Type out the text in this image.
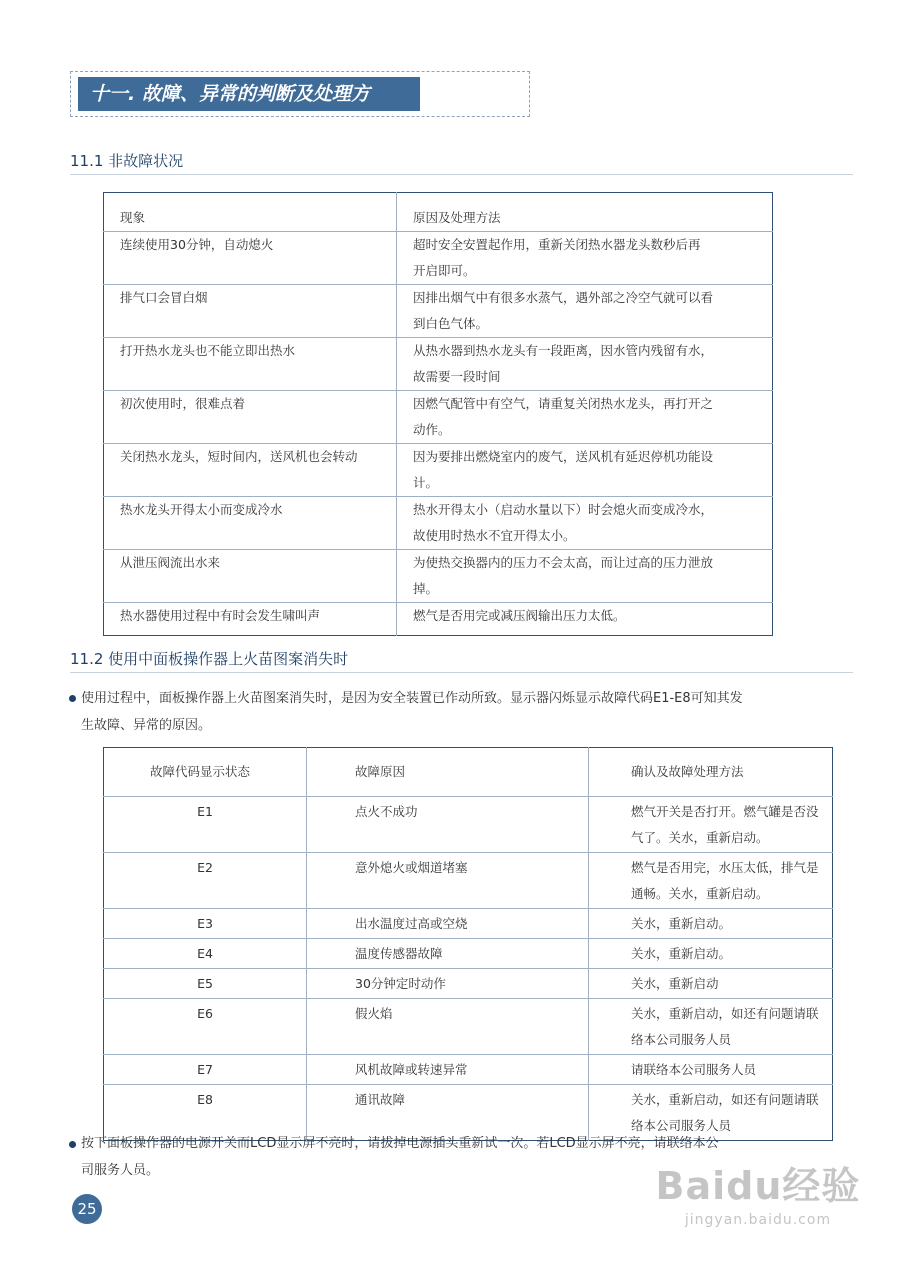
十一. 故障、异常的判断及处理方
11.1 非故障状况
现象	原因及处理方法
连续使用30分钟，自动熄火	超时安全安置起作用，重新关闭热水器龙头数秒后再
开启即可。

排气口会冒白烟	因排出烟气中有很多水蒸气，遇外部之冷空气就可以看
到白色气体。

打开热水龙头也不能立即出热水	从热水器到热水龙头有一段距离，因水管内残留有水，
故需要一段时间

初次使用时，很难点着	因燃气配管中有空气，请重复关闭热水龙头，再打开之
动作。

关闭热水龙头，短时间内，送风机也会转动	因为要排出燃烧室内的废气，送风机有延迟停机功能设
计。

热水龙头开得太小而变成冷水	热水开得太小（启动水量以下）时会熄火而变成冷水，
故使用时热水不宜开得太小。

从泄压阀流出水来	为使热交换器内的压力不会太高，而让过高的压力泄放
掉。

热水器使用过程中有时会发生啸叫声	燃气是否用完或减压阀输出压力太低。
11.2 使用中面板操作器上火苗图案消失时
使用过程中，面板操作器上火苗图案消失时，是因为安全装置已作动所致。显示器闪烁显示故障代码E1-E8可知其发
生故障、异常的原因。
故障代码显示状态	故障原因	确认及故障处理方法
E1	点火不成功	燃气开关是否打开。燃气罐是否没
气了。关水，重新启动。

E2	意外熄火或烟道堵塞	燃气是否用完，水压太低，排气是
通畅。关水，重新启动。

E3	出水温度过高或空烧	关水，重新启动。

E4	温度传感器故障	关水，重新启动。

E5	30分钟定时动作	关水，重新启动

E6	假火焰	关水，重新启动，如还有问题请联
络本公司服务人员

E7	风机故障或转速异常	请联络本公司服务人员

E8	通讯故障	关水，重新启动，如还有问题请联
络本公司服务人员
按下面板操作器的电源开关而LCD显示屏不亮时，请拔掉电源插头重新试一次。若LCD显示屏不亮，请联络本公
司服务人员。
25
Baidu经验
jingyan.baidu.com
